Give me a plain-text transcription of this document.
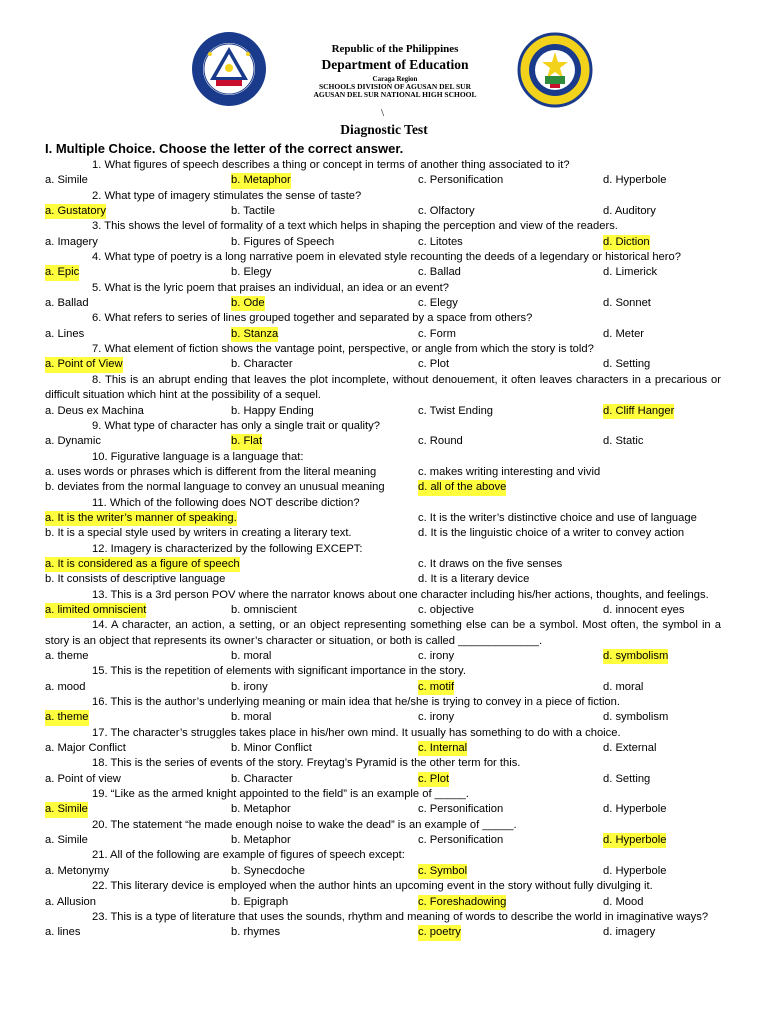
Republic of the Philippines
Department of Education
Caraga Region
SCHOOLS DIVISION OF AGUSAN DEL SUR
AGUSAN DEL SUR NATIONAL HIGH SCHOOL
\
Diagnostic Test
I. Multiple Choice. Choose the letter of the correct answer.

1. What figures of speech describes a thing or concept in terms of another thing associated to it?

a. Simile	b. Metaphor	c. Personification	d. Hyperbole

2. What type of imagery stimulates the sense of taste?

a. Gustatory	b. Tactile	c. Olfactory	d. Auditory

3. This shows the level of formality of a text which helps in shaping the perception and view of the readers.

a. Imagery	b. Figures of Speech	c. Litotes	d. Diction

4. What type of poetry is a long narrative poem in elevated style recounting the deeds of a legendary or historical hero?

a. Epic	b. Elegy	c. Ballad	d. Limerick

5. What is the lyric poem that praises an individual, an idea or an event?

a. Ballad	b. Ode	c. Elegy	d. Sonnet

6. What refers to series of lines grouped together and separated by a space from others?

a. Lines	b. Stanza	c. Form	d. Meter

7. What element of fiction shows the vantage point, perspective, or angle from which the story is told?

a. Point of View	b. Character	c. Plot	d. Setting

8. This is an abrupt ending that leaves the plot incomplete, without denouement, it often leaves characters in a precarious or difficult situation which hint at the possibility of a sequel.

a. Deus ex Machina	b. Happy Ending	c. Twist Ending	d. Cliff Hanger

9. What type of character has only a single trait or quality?

a. Dynamic	b. Flat	c. Round	d. Static

10. Figurative language is a language that:

a. uses words or phrases which is different from the literal meaning	c. makes writing interesting and vivid
b. deviates from the normal language to convey an unusual meaning	d. all of the above

11. Which of the following does NOT describe diction?

a. It is the writer’s manner of speaking.	c. It is the writer’s distinctive choice and use of language
b. It is a special style used by writers in creating a literary text.	d. It is the linguistic choice of a writer to convey action

12. Imagery is characterized by the following EXCEPT:

a. It is considered as a figure of speech	c. It draws on the five senses
b. It consists of descriptive language	d. It is a literary device

13. This is a 3rd person POV where the narrator knows about one character including his/her actions, thoughts, and feelings.

a. limited omniscient	b. omniscient	c. objective	d. innocent eyes

14. A character, an action, a setting, or an object representing something else can be a symbol. Most often, the symbol in a story is an object that represents its owner’s character or situation, or both is called _____________.

a. theme	b. moral	c. irony	d. symbolism

15. This is the repetition of elements with significant importance in the story.

a. mood	b. irony	c. motif	d. moral

16. This is the author’s underlying meaning or main idea that he/she is trying to convey in a piece of fiction.

a. theme	b. moral	c. irony	d. symbolism

17. The character’s struggles takes place in his/her own mind. It usually has something to do with a choice.

a. Major Conflict	b. Minor Conflict	c. Internal	d. External

18. This is the series of events of the story. Freytag’s Pyramid is the other term for this.

a. Point of view	b. Character	c. Plot	d. Setting

19. “Like as the armed knight appointed to the field” is an example of _____.

a. Simile	b. Metaphor	c. Personification	d. Hyperbole

20. The statement “he made enough noise to wake the dead” is an example of _____.

a. Simile	b. Metaphor	c. Personification	d. Hyperbole

21. All of the following are example of figures of speech except:

a. Metonymy	b. Synecdoche	c. Symbol	d. Hyperbole

22. This literary device is employed when the author hints an upcoming event in the story without fully divulging it.

a. Allusion	b. Epigraph	c. Foreshadowing	d. Mood

23. This is a type of literature that uses the sounds, rhythm and meaning of words to describe the world in imaginative ways?

a. lines	b. rhymes	c. poetry	d. imagery
